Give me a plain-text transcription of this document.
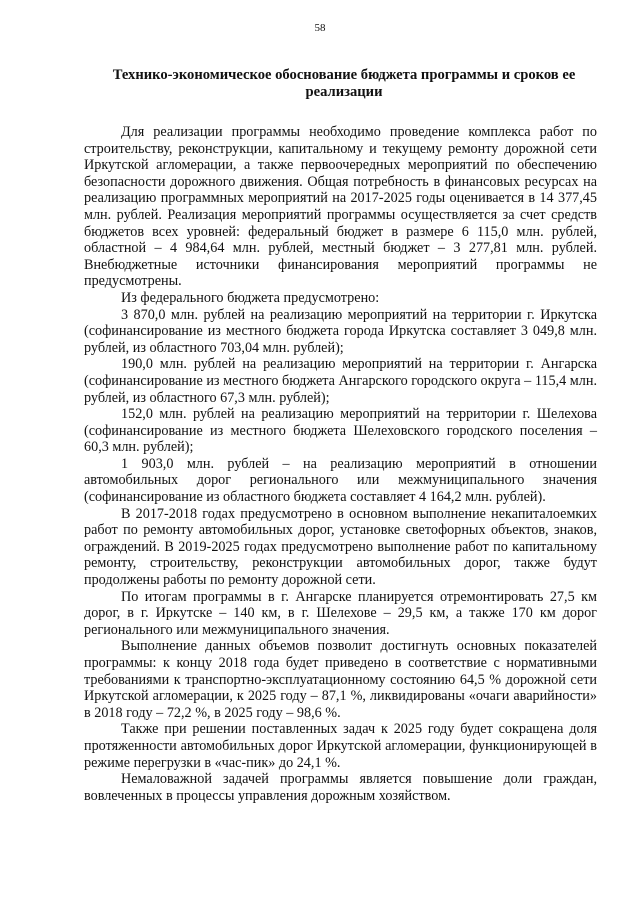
58
Технико-экономическое обоснование бюджета программы и сроков ее реализации

Для реализации программы необходимо проведение комплекса работ по строительству, реконструкции, капитальному и текущему ремонту дорожной сети Иркутской агломерации, а также первоочередных мероприятий по обеспечению безопасности дорожного движения. Общая потребность в финансовых ресурсах на реализацию программных мероприятий на 2017-2025 годы оценивается в 14 377,45 млн. рублей. Реализация мероприятий программы осуществляется за счет средств бюджетов всех уровней: федеральный бюджет в размере 6 115,0 млн. рублей, областной – 4 984,64 млн. рублей, местный бюджет – 3 277,81 млн. рублей. Внебюджетные источники финансирования мероприятий программы не предусмотрены.

Из федерального бюджета предусмотрено:

3 870,0 млн. рублей на реализацию мероприятий на территории г. Иркутска (софинансирование из местного бюджета города Иркутска составляет 3 049,8 млн. рублей, из областного 703,04 млн. рублей);

190,0 млн. рублей на реализацию мероприятий на территории г. Ангарска (софинансирование из местного бюджета Ангарского городского округа – 115,4 млн. рублей, из областного 67,3 млн. рублей);

152,0 млн. рублей на реализацию мероприятий на территории г. Шелехова (софинансирование из местного бюджета Шелеховского городского поселения – 60,3 млн. рублей);

1 903,0 млн. рублей – на реализацию мероприятий в отношении автомобильных дорог регионального или межмуниципального значения (софинансирование из областного бюджета составляет 4 164,2 млн. рублей).

В 2017-2018 годах предусмотрено в основном выполнение некапиталоемких работ по ремонту автомобильных дорог, установке светофорных объектов, знаков, ограждений. В 2019-2025 годах предусмотрено выполнение работ по капитальному ремонту, строительству, реконструкции автомобильных дорог, также будут продолжены работы по ремонту дорожной сети.

По итогам программы в г. Ангарске планируется отремонтировать 27,5 км дорог, в г. Иркутске – 140 км, в г. Шелехове – 29,5 км, а также 170 км дорог регионального или межмуниципального значения.

Выполнение данных объемов позволит достигнуть основных показателей программы: к концу 2018 года будет приведено в соответствие с нормативными требованиями к транспортно-эксплуатационному состоянию 64,5 % дорожной сети Иркутской агломерации, к 2025 году – 87,1 %, ликвидированы «очаги аварийности» в 2018 году – 72,2 %, в 2025 году – 98,6 %.

Также при решении поставленных задач к 2025 году будет сокращена доля протяженности автомобильных дорог Иркутской агломерации, функционирующей в режиме перегрузки в «час-пик» до 24,1 %.

Немаловажной задачей программы является повышение доли граждан, вовлеченных в процессы управления дорожным хозяйством.
